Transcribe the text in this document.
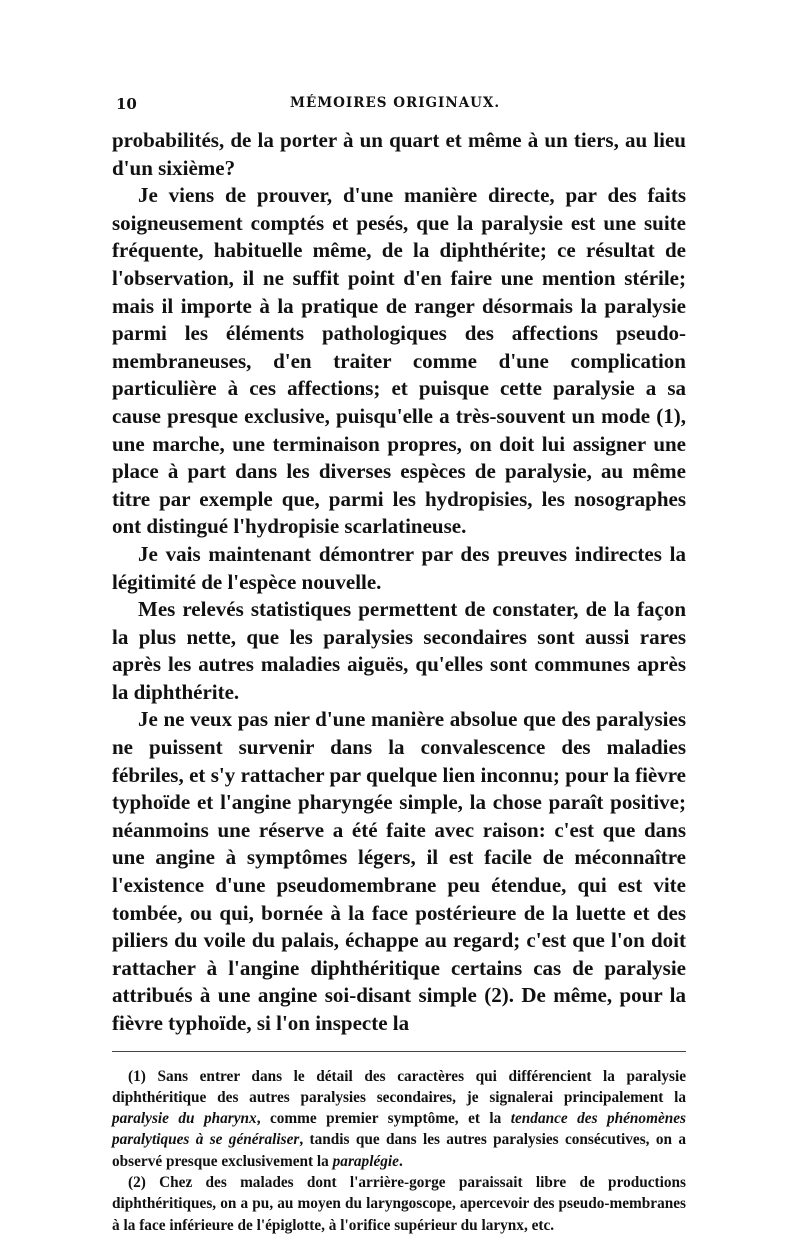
10	MÉMOIRES ORIGINAUX.

probabilités, de la porter à un quart et même à un tiers, au lieu d'un sixième?

Je viens de prouver, d'une manière directe, par des faits soigneusement comptés et pesés, que la paralysie est une suite fréquente, habituelle même, de la diphthérite; ce résultat de l'observation, il ne suffit point d'en faire une mention stérile; mais il importe à la pratique de ranger désormais la paralysie parmi les éléments pathologiques des affections pseudo-membraneuses, d'en traiter comme d'une complication particulière à ces affections; et puisque cette paralysie a sa cause presque exclusive, puisqu'elle a très-souvent un mode (1), une marche, une terminaison propres, on doit lui assigner une place à part dans les diverses espèces de paralysie, au même titre par exemple que, parmi les hydropisies, les nosographes ont distingué l'hydropisie scarlatineuse.

Je vais maintenant démontrer par des preuves indirectes la légitimité de l'espèce nouvelle.

Mes relevés statistiques permettent de constater, de la façon la plus nette, que les paralysies secondaires sont aussi rares après les autres maladies aiguës, qu'elles sont communes après la diphthérite.

Je ne veux pas nier d'une manière absolue que des paralysies ne puissent survenir dans la convalescence des maladies fébriles, et s'y rattacher par quelque lien inconnu; pour la fièvre typhoïde et l'angine pharyngée simple, la chose paraît positive; néanmoins une réserve a été faite avec raison: c'est que dans une angine à symptômes légers, il est facile de méconnaître l'existence d'une pseudomembrane peu étendue, qui est vite tombée, ou qui, bornée à la face postérieure de la luette et des piliers du voile du palais, échappe au regard; c'est que l'on doit rattacher à l'angine diphthéritique certains cas de paralysie attribués à une angine soi-disant simple (2). De même, pour la fièvre typhoïde, si l'on inspecte la

(1) Sans entrer dans le détail des caractères qui différencient la paralysie diphthéritique des autres paralysies secondaires, je signalerai principalement la paralysie du pharynx, comme premier symptôme, et la tendance des phénomènes paralytiques à se généraliser, tandis que dans les autres paralysies consécutives, on a observé presque exclusivement la paraplégie.

(2) Chez des malades dont l'arrière-gorge paraissait libre de productions diphthéritiques, on a pu, au moyen du laryngoscope, apercevoir des pseudo-membranes à la face inférieure de l'épiglotte, à l'orifice supérieur du larynx, etc.
